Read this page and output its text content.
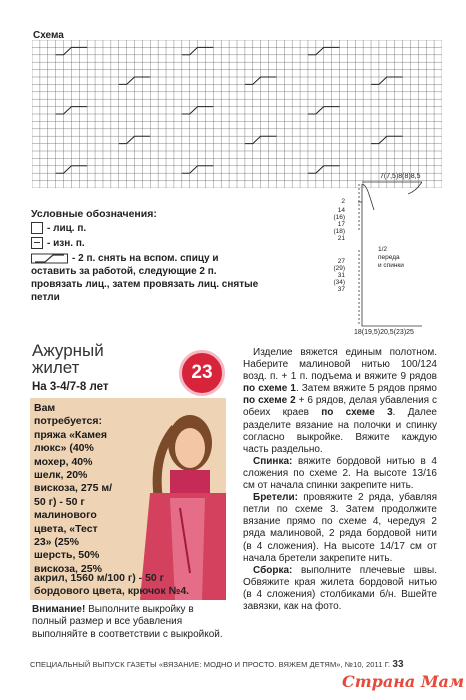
Схема
Условные обозначения:
- лиц. п.
- изн. п.
- 2 п. снять на вспом. спицу и оставить за работой, следующие 2 п. провязать лиц., затем провязать лиц. снятые петли
7(7,5)8(8)8,5
2
14
(16)
17
(18)
21
27
(29)
31
(34)
37
1/2
переда
и спинки
18(19,5)20,5(23)25
Ажурный
жилет	23
На 3-4/7-8 лет
Вам
потребуется:
пряжа «Камея
люкс» (40%
мохер, 40%
шелк, 20%
вискоза, 275 м/
50 г) - 50 г
малинового
цвета, «Тест
23» (25%
шерсть, 50%
вискоза, 25%
акрил, 1560 м/100 г) - 50 г
бордового цвета, крючок №4.
Внимание! Выполните выкройку в полный размер и все убавления выполняйте в соответствии с выкройкой.

Изделие вяжется единым полотном. Наберите малиновой нитью 100/124 возд. п. + 1 п. подъема и вяжите 9 рядов по схеме 1. Затем вяжите 5 рядов прямо по схеме 2 + 6 рядов, делая убавления с обеих краев по схеме 3. Далее разделите вязание на полочки и спинку согласно выкройке. Вяжите каждую часть раздельно.

Спинка: вяжите бордовой нитью в 4 сложения по схеме 2. На высоте 13/16 см от начала спинки закрепите нить.

Бретели: провяжите 2 ряда, убавляя петли по схеме 3. Затем продолжите вязание прямо по схеме 4, чередуя 2 ряда малиновой, 2 ряда бордовой нити (в 4 сложения). На высоте 14/17 см от начала бретели закрепите нить.

Сборка: выполните плечевые швы. Обвяжите края жилета бордовой нитью (в 4 сложения) столбиками б/н. Вшейте завязки, как на фото.

СПЕЦИАЛЬНЫЙ ВЫПУСК ГАЗЕТЫ «ВЯЗАНИЕ: МОДНО И ПРОСТО. ВЯЖЕМ ДЕТЯМ», №10, 2011 Г. 33
Страна Мам
